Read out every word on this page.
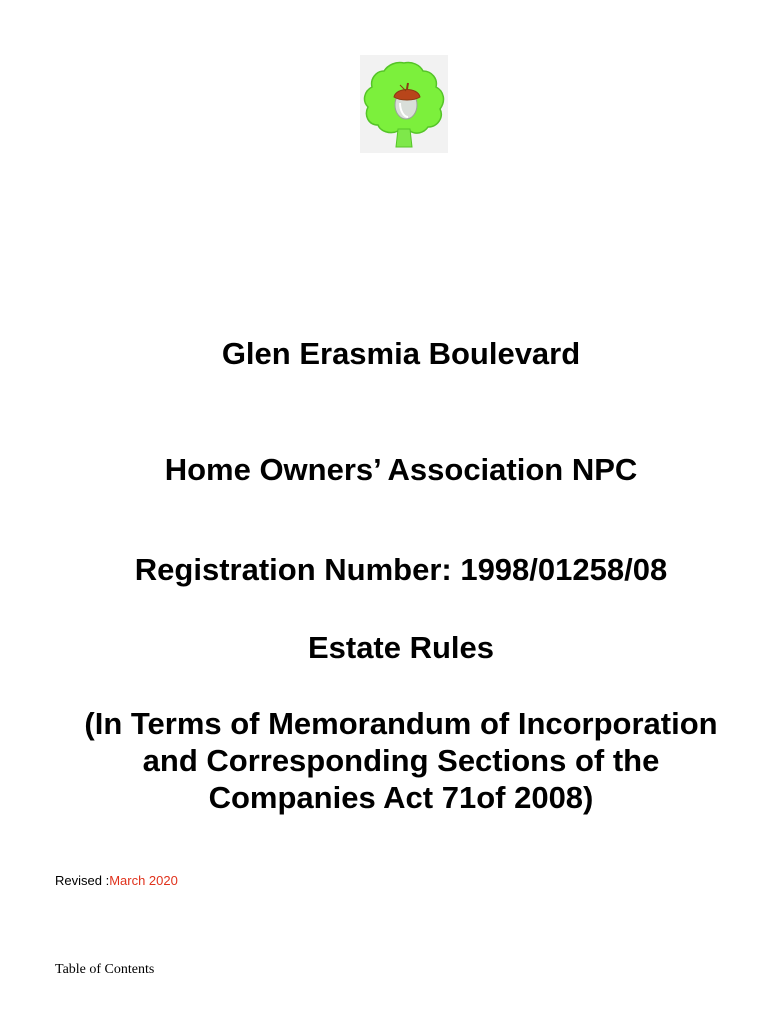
Glen Erasmia Boulevard
Home Owners’ Association NPC
Registration Number: 1998/01258/08
Estate Rules
(In Terms of Memorandum of Incorporation
and Corresponding Sections of the
Companies Act 71of 2008)
Revised :March 2020
Table of Contents
